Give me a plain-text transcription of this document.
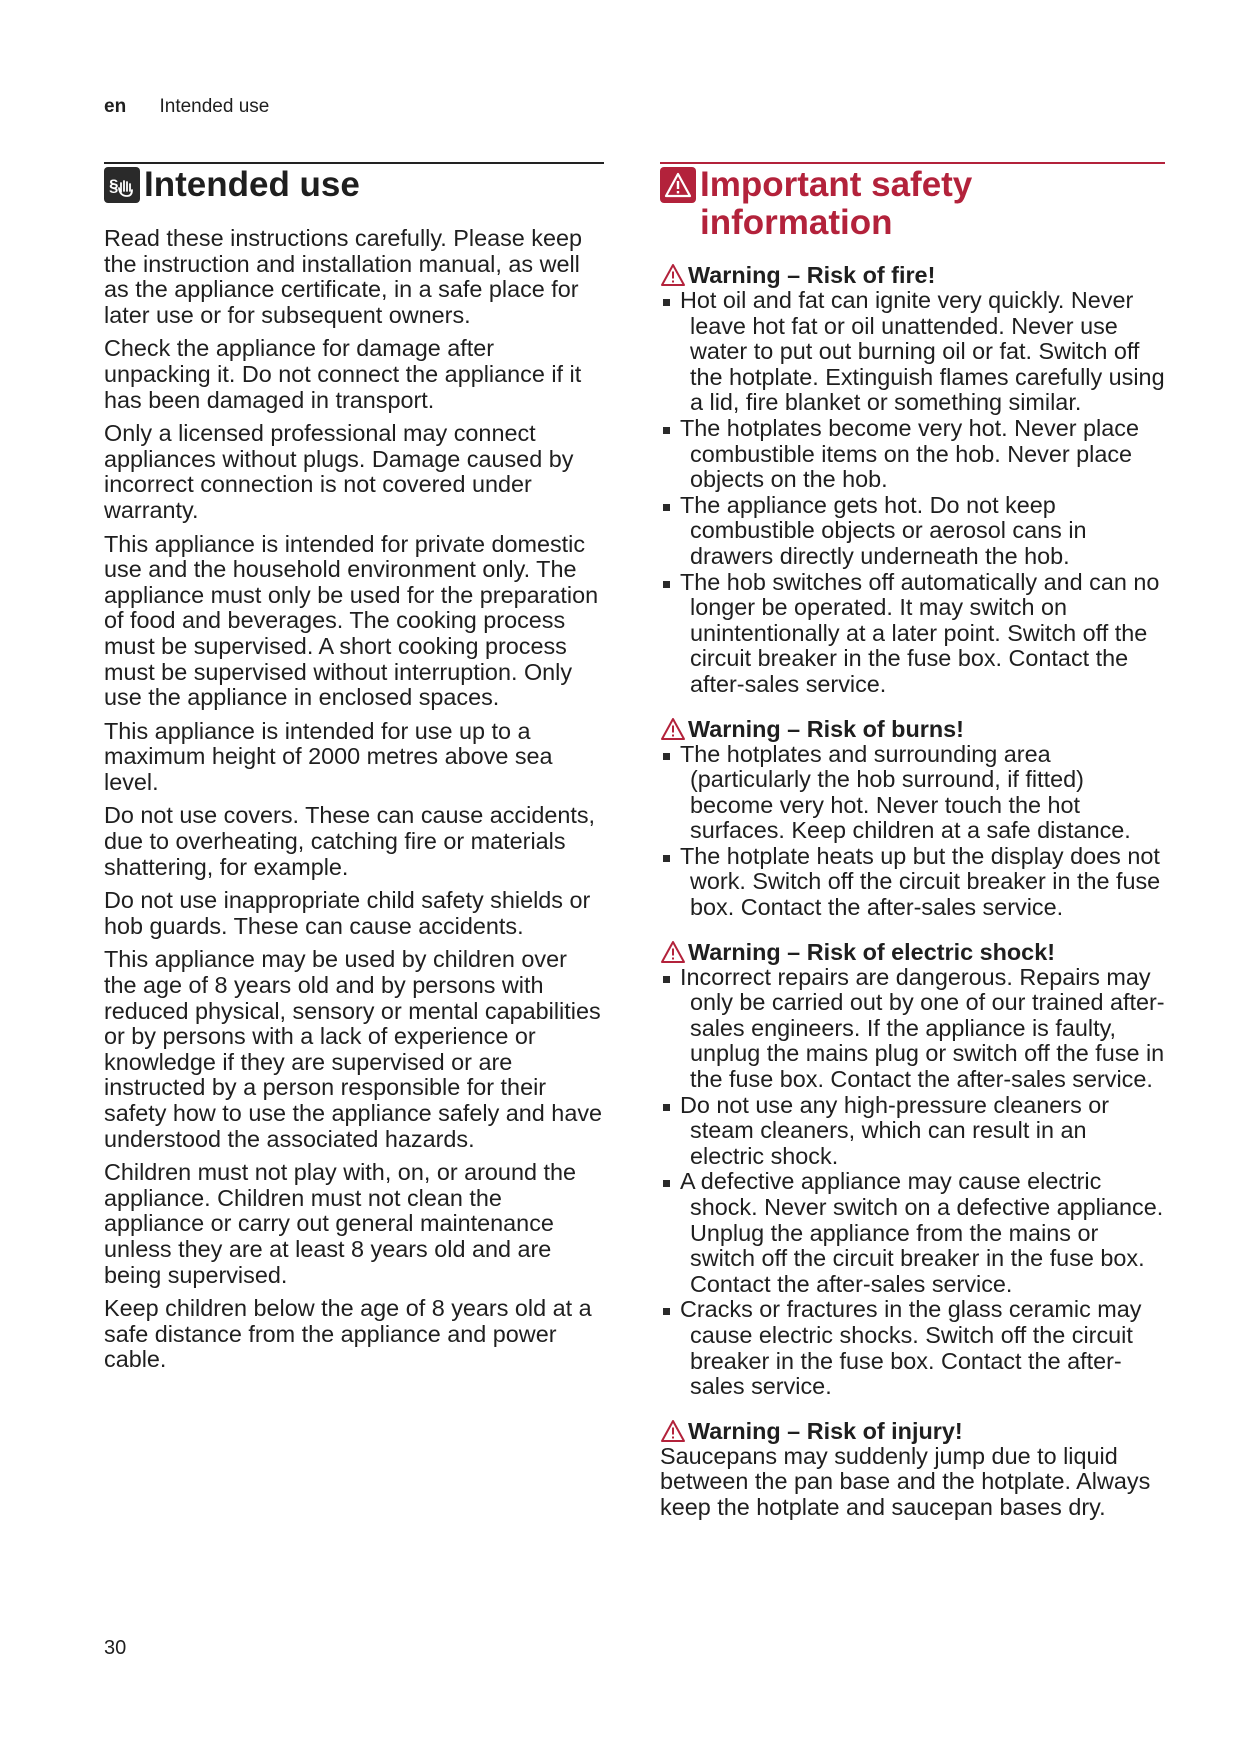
en Intended use
§ Intended use

Read these instructions carefully. Please keep the instruction and installation manual, as well as the appliance certificate, in a safe place for later use or for subsequent owners.

Check the appliance for damage after unpacking it. Do not connect the appliance if it has been damaged in transport.

Only a licensed professional may connect appliances without plugs. Damage caused by incorrect connection is not covered under warranty.

This appliance is intended for private domestic use and the household environment only. The appliance must only be used for the preparation of food and beverages. The cooking process must be supervised. A short cooking process must be supervised without interruption. Only use the appliance in enclosed spaces.

This appliance is intended for use up to a maximum height of 2000 metres above sea level.

Do not use covers. These can cause accidents, due to overheating, catching fire or materials shattering, for example.

Do not use inappropriate child safety shields or hob guards. These can cause accidents.

This appliance may be used by children over the age of 8 years old and by persons with reduced physical, sensory or mental capabilities or by persons with a lack of experience or knowledge if they are supervised or are instructed by a person responsible for their safety how to use the appliance safely and have understood the associated hazards.

Children must not play with, on, or around the appliance. Children must not clean the appliance or carry out general maintenance unless they are at least 8 years old and are being supervised.

Keep children below the age of 8 years old at a safe distance from the appliance and power cable.

Important safety
information
Warning – Risk of fire!
Hot oil and fat can ignite very quickly. Never leave hot fat or oil unattended. Never use water to put out burning oil or fat. Switch off the hotplate. Extinguish flames carefully using a lid, fire blanket or something similar.
The hotplates become very hot. Never place combustible items on the hob. Never place objects on the hob.
The appliance gets hot. Do not keep combustible objects or aerosol cans in drawers directly underneath the hob.
The hob switches off automatically and can no longer be operated. It may switch on unintentionally at a later point. Switch off the circuit breaker in the fuse box. Contact the after-sales service.
Warning – Risk of burns!
The hotplates and surrounding area (particularly the hob surround, if fitted) become very hot. Never touch the hot surfaces. Keep children at a safe distance.
The hotplate heats up but the display does not work. Switch off the circuit breaker in the fuse box. Contact the after-sales service.
Warning – Risk of electric shock!
Incorrect repairs are dangerous. Repairs may only be carried out by one of our trained after-sales engineers. If the appliance is faulty, unplug the mains plug or switch off the fuse in the fuse box. Contact the after-sales service.
Do not use any high-pressure cleaners or steam cleaners, which can result in an electric shock.
A defective appliance may cause electric shock. Never switch on a defective appliance. Unplug the appliance from the mains or switch off the circuit breaker in the fuse box. Contact the after-sales service.
Cracks or fractures in the glass ceramic may cause electric shocks. Switch off the circuit breaker in the fuse box. Contact the after-sales service.
Warning – Risk of injury!

Saucepans may suddenly jump due to liquid between the pan base and the hotplate. Always keep the hotplate and saucepan bases dry.

30
